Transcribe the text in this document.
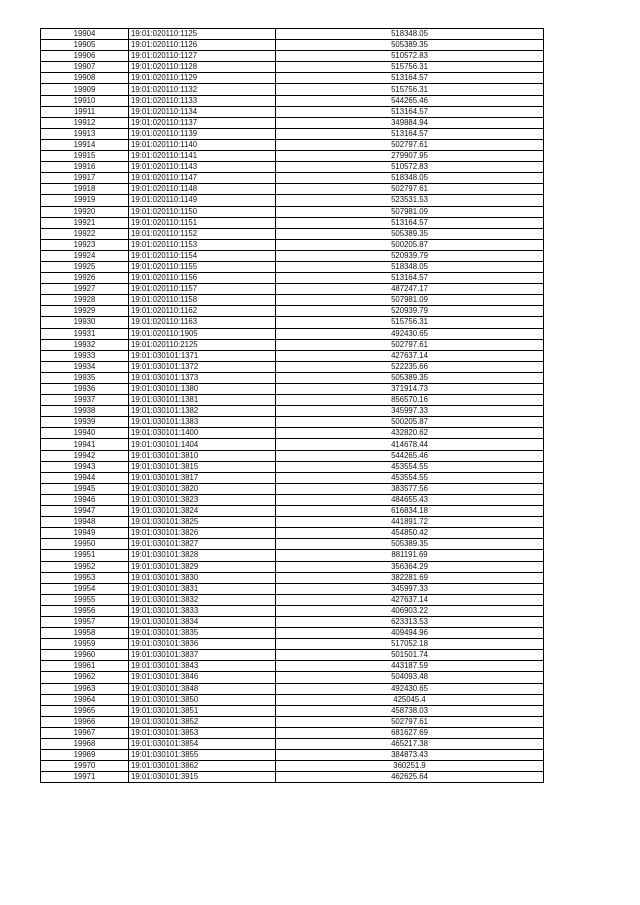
19904	19:01:020110:1125	518348.05
19905	19:01:020110:1126	505389.35
19906	19:01:020110:1127	510572.83
19907	19:01:020110:1128	515756.31
19908	19:01:020110:1129	513164.57
19909	19:01:020110:1132	515756.31
19910	19:01:020110:1133	544265.46
19911	19:01:020110:1134	513164.57
19912	19:01:020110:1137	349884.94
19913	19:01:020110:1139	513164.57
19914	19:01:020110:1140	502797.61
19915	19:01:020110:1141	279907.95
19916	19:01:020110:1143	510572.83
19917	19:01:020110:1147	518348.05
19918	19:01:020110:1148	502797.61
19919	19:01:020110:1149	523531.53
19920	19:01:020110:1150	507981.09
19921	19:01:020110:1151	513164.57
19922	19:01:020110:1152	505389.35
19923	19:01:020110:1153	500205.87
19924	19:01:020110:1154	520939.79
19925	19:01:020110:1155	518348.05
19926	19:01:020110:1156	513164.57
19927	19:01:020110:1157	487247.17
19928	19:01:020110:1158	507981.09
19929	19:01:020110:1162	520939.79
19930	19:01:020110:1163	515756.31
19931	19:01:020110:1905	492430.65
19932	19:01:020110:2125	502797.61
19933	19:01:030101:1371	427637.14
19934	19:01:030101:1372	522235.66
19935	19:01:030101:1373	505389.35
19936	19:01:030101:1380	371914.73
19937	19:01:030101:1381	856570.16
19938	19:01:030101:1382	345997.33
19939	19:01:030101:1383	500205.87
19940	19:01:030101:1400	432820.62
19941	19:01:030101:1404	414678.44
19942	19:01:030101:3810	544265.46
19943	19:01:030101:3815	453554.55
19944	19:01:030101:3817	453554.55
19945	19:01:030101:3820	383577.56
19946	19:01:030101:3823	484655.43
19947	19:01:030101:3824	616834.18
19948	19:01:030101:3825	441891.72
19949	19:01:030101:3826	454850.42
19950	19:01:030101:3827	505389.35
19951	19:01:030101:3828	881191.69
19952	19:01:030101:3829	356364.29
19953	19:01:030101:3830	382281.69
19954	19:01:030101:3831	345997.33
19955	19:01:030101:3832	427637.14
19956	19:01:030101:3833	406903.22
19957	19:01:030101:3834	623313.53
19958	19:01:030101:3835	409494.96
19959	19:01:030101:3836	517052.18
19960	19:01:030101:3837	501501.74
19961	19:01:030101:3843	443187.59
19962	19:01:030101:3846	504093.48
19963	19:01:030101:3848	492430.65
19964	19:01:030101:3850	425045.4
19965	19:01:030101:3851	458738.03
19966	19:01:030101:3852	502797.61
19967	19:01:030101:3853	681627.69
19968	19:01:030101:3854	465217.38
19969	19:01:030101:3855	384873.43
19970	19:01:030101:3862	360251.9
19971	19:01:030101:3915	462625.64
